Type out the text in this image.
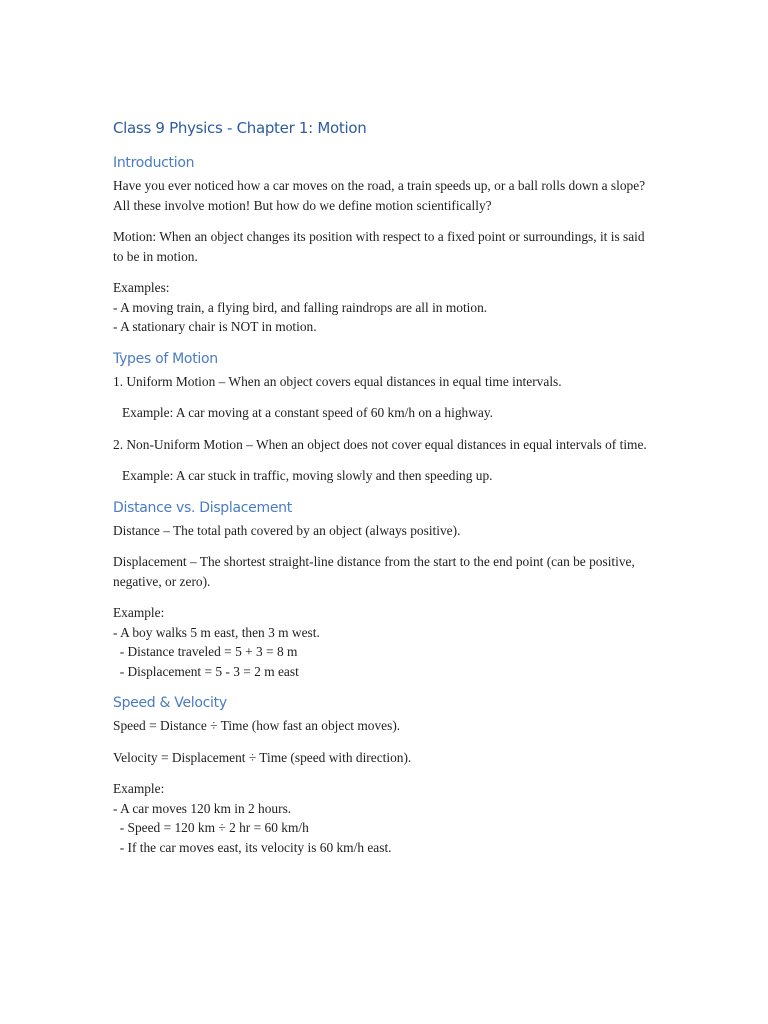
Class 9 Physics - Chapter 1: Motion
Introduction

Have you ever noticed how a car moves on the road, a train speeds up, or a ball rolls down a slope? All these involve motion! But how do we define motion scientifically?

Motion: When an object changes its position with respect to a fixed point or surroundings, it is said to be in motion.

Examples:
- A moving train, a flying bird, and falling raindrops are all in motion.
- A stationary chair is NOT in motion.

Types of Motion

1. Uniform Motion – When an object covers equal distances in equal time intervals.

Example: A car moving at a constant speed of 60 km/h on a highway.

2. Non-Uniform Motion – When an object does not cover equal distances in equal intervals of time.

Example: A car stuck in traffic, moving slowly and then speeding up.

Distance vs. Displacement

Distance – The total path covered by an object (always positive).

Displacement – The shortest straight-line distance from the start to the end point (can be positive, negative, or zero).

Example:
- A boy walks 5 m east, then 3 m west.
- Distance traveled = 5 + 3 = 8 m
- Displacement = 5 - 3 = 2 m east

Speed & Velocity

Speed = Distance ÷ Time (how fast an object moves).

Velocity = Displacement ÷ Time (speed with direction).

Example:
- A car moves 120 km in 2 hours.
- Speed = 120 km ÷ 2 hr = 60 km/h
- If the car moves east, its velocity is 60 km/h east.
